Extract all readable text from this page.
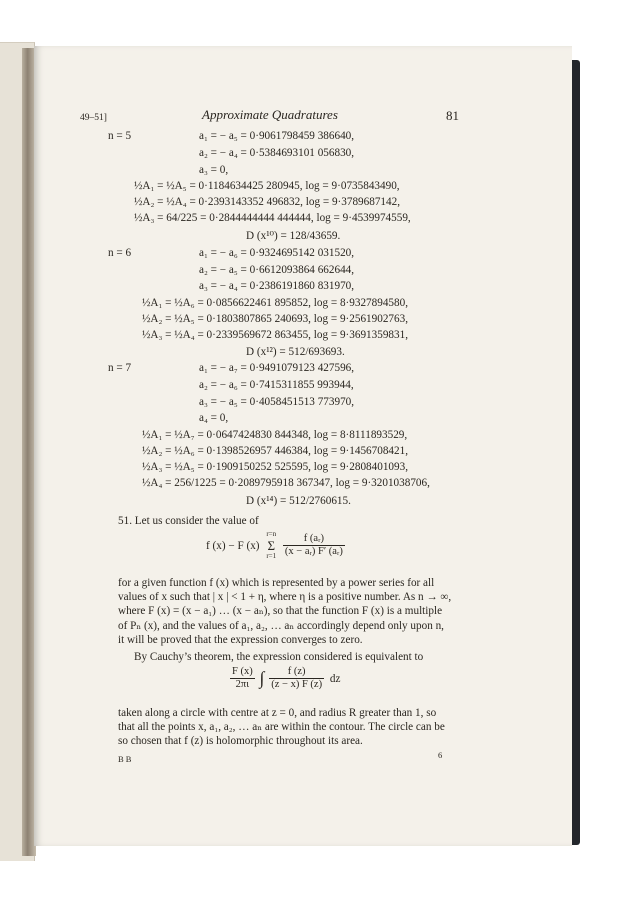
49–51]	Approximate Quadratures	81
n = 5	a₁ = − a₅ = 0·9061798459 386640,
a₂ = − a₄ = 0·5384693101 056830,
a₃ = 0,
½A₁ = ½A₅ = 0·1184634425 280945, log = 9·0735843490,
½A₂ = ½A₄ = 0·2393143352 496832, log = 9·3789687142,
½A₃ = 64/225 = 0·2844444444 444444, log = 9·4539974559,
D (x¹⁰) = 128/43659.
n = 6	a₁ = − a₆ = 0·9324695142 031520,
a₂ = − a₅ = 0·6612093864 662644,
a₃ = − a₄ = 0·2386191860 831970,
½A₁ = ½A₆ = 0·0856622461 895852, log = 8·9327894580,
½A₂ = ½A₅ = 0·1803807865 240693, log = 9·2561902763,
½A₃ = ½A₄ = 0·2339569672 863455, log = 9·3691359831,
D (x¹²) = 512/693693.
n = 7	a₁ = − a₇ = 0·9491079123 427596,
a₂ = − a₆ = 0·7415311855 993944,
a₃ = − a₅ = 0·4058451513 773970,
a₄ = 0,
½A₁ = ½A₇ = 0·0647424830 844348, log = 8·8111893529,
½A₂ = ½A₆ = 0·1398526957 446384, log = 9·1456708421,
½A₃ = ½A₅ = 0·1909150252 525595, log = 9·2808401093,
½A₄ = 256/1225 = 0·2089795918 367347, log = 9·3201038706,
D (x¹⁴) = 512/2760615.
51. Let us consider the value of
f (x) − F (x)
r=n
Σ
r=1
$\frac{\text{f (aᵣ)}}{\text{(x − aᵣ) F′ (aᵣ)}}$
for a given function f (x) which is represented by a power series for all
values of x such that | x | < 1 + η, where η is a positive number. As n → ∞,
where F (x) = (x − a₁) … (x − aₙ), so that the function F (x) is a multiple
of Pₙ (x), and the values of a₁, a₂, … aₙ accordingly depend only upon n,
it will be proved that the expression converges to zero.
By Cauchy’s theorem, the expression considered is equivalent to
$\frac{F (x)}{2\pi\iota}$ ∫ $\frac{f (z)}{(z - x) F (z)}$ dz
taken along a circle with centre at z = 0, and radius R greater than 1, so
that all the points x, a₁, a₂, … aₙ are within the contour. The circle can be
so chosen that f (z) is holomorphic throughout its area.
B B	6
